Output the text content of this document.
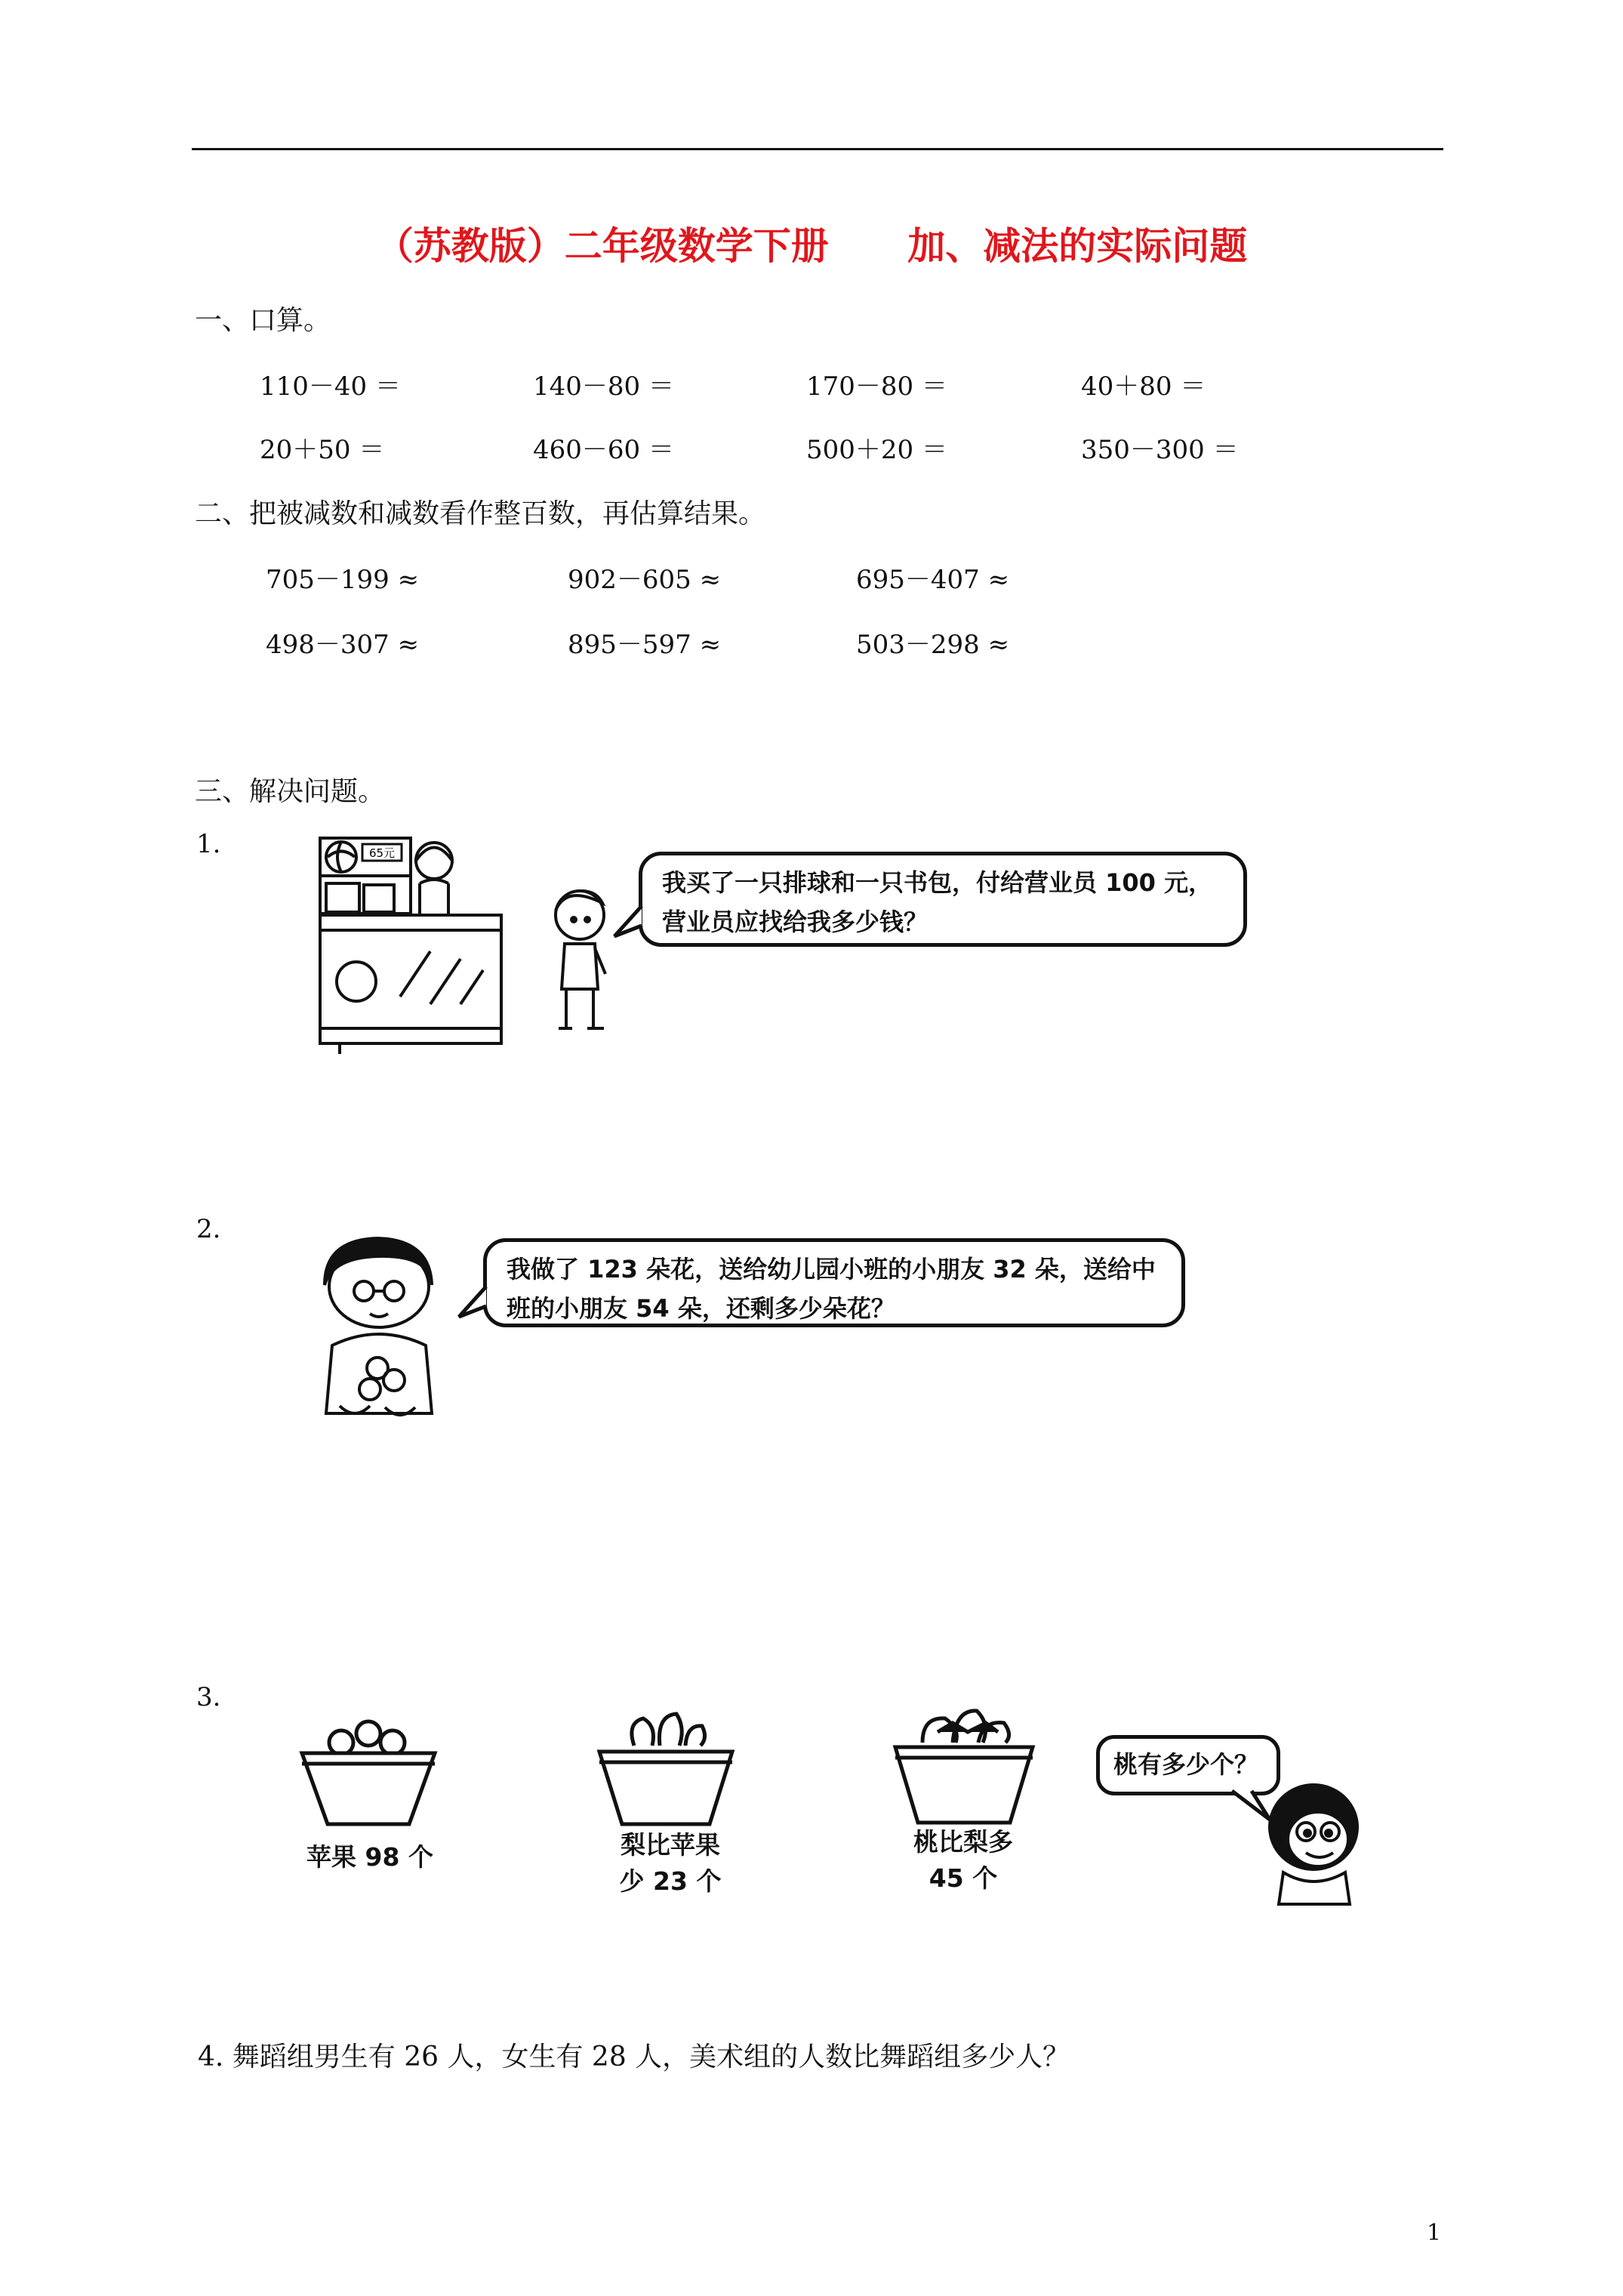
（苏教版）二年级数学下册      加、减法的实际问题
一、口算。
110－40 ＝	140－80 ＝	170－80 ＝	40＋80 ＝
20＋50 ＝	460－60 ＝	500＋20 ＝	350－300 ＝
二、把被减数和减数看作整百数，再估算结果。
705－199 ≈	902－605 ≈	695－407 ≈
498－307 ≈	895－597 ≈	503－298 ≈
三、解决问题。
1.	65元
我买了一只排球和一只书包，付给营业员 100 元，
营业员应找给我多少钱？
2.
我做了 123 朵花，送给幼儿园小班的小朋友 32 朵，送给中
班的小朋友 54 朵，还剩多少朵花？
3.
苹果 98 个	梨比苹果
少 23 个
桃比梨多
45 个
桃有多少个？
4. 舞蹈组男生有 26 人，女生有 28 人，美术组的人数比舞蹈组多少人？
1
